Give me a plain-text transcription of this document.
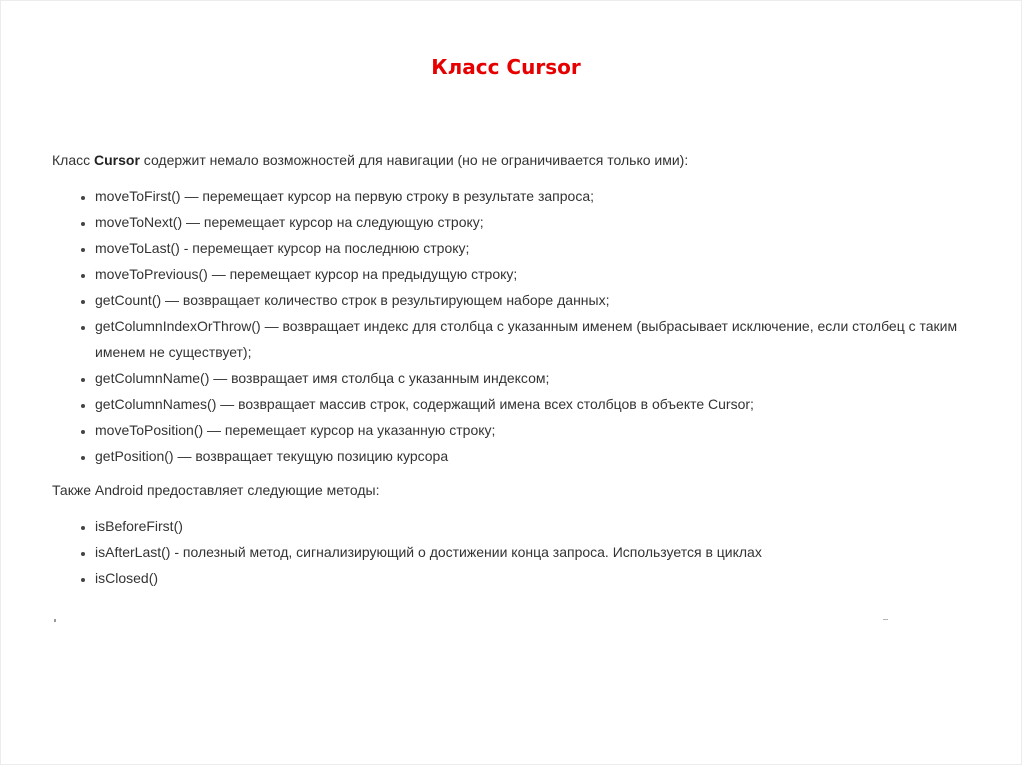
Класс Cursor

Класс Cursor содержит немало возможностей для навигации (но не ограничивается только ими):

• moveToFirst() — перемещает курсор на первую строку в результате запроса;
• moveToNext() — перемещает курсор на следующую строку;
• moveToLast() - перемещает курсор на последнюю строку;
• moveToPrevious() — перемещает курсор на предыдущую строку;
• getCount() — возвращает количество строк в результирующем наборе данных;
• getColumnIndexOrThrow() — возвращает индекс для столбца с указанным именем (выбрасывает исключение, если столбец с таким именем не существует);
• getColumnName() — возвращает имя столбца с указанным индексом;
• getColumnNames() — возвращает массив строк, содержащий имена всех столбцов в объекте Cursor;
• moveToPosition() — перемещает курсор на указанную строку;
• getPosition() — возвращает текущую позицию курсора

Также Android предоставляет следующие методы:

• isBeforeFirst()
• isAfterLast() - полезный метод, сигнализирующий о достижении конца запроса. Используется в циклах
• isClosed()
